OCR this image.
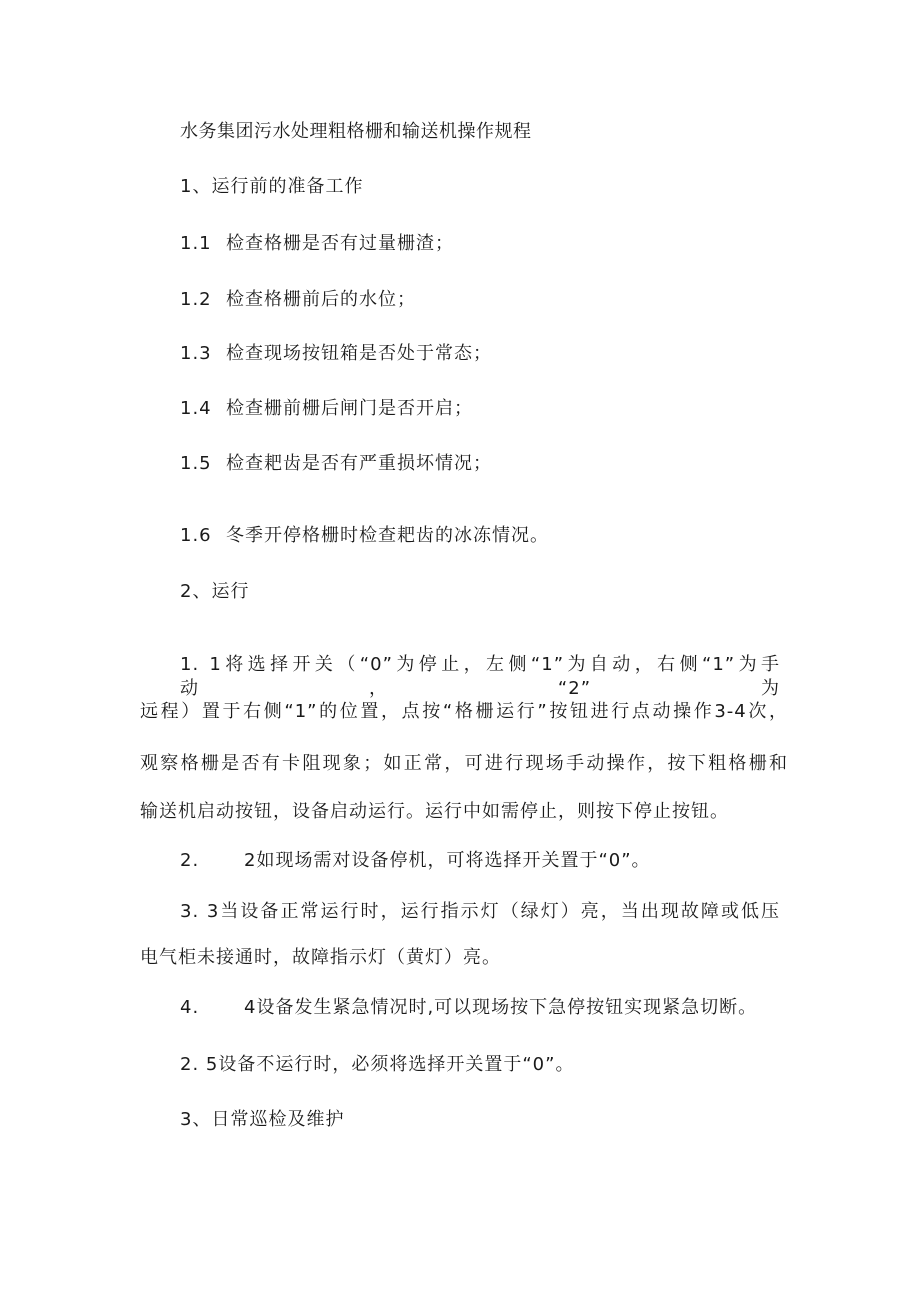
水务集团污水处理粗格栅和输送机操作规程
1、运行前的准备工作
1.1 检查格栅是否有过量栅渣；
1.2 检查格栅前后的水位；
1.3 检查现场按钮箱是否处于常态；
1.4 检查栅前栅后闸门是否开启；
1.5 检查耙齿是否有严重损坏情况；
1.6 冬季开停格栅时检查耙齿的冰冻情况。
2、运行
1. 1将选择开关（“0”为停止，左侧“1”为自动，右侧“1”为手动，“2”为
远程）置于右侧“1”的位置，点按“格栅运行”按钮进行点动操作3-4次，
观察格栅是否有卡阻现象；如正常，可进行现场手动操作，按下粗格栅和
输送机启动按钮，设备启动运行。运行中如需停止，则按下停止按钮。
2. 2如现场需对设备停机，可将选择开关置于“0”。
3. 3当设备正常运行时，运行指示灯（绿灯）亮，当出现故障或低压
电气柜未接通时，故障指示灯（黄灯）亮。
4. 4设备发生紧急情况时,可以现场按下急停按钮实现紧急切断。
2. 5设备不运行时，必须将选择开关置于“0”。
3、日常巡检及维护
